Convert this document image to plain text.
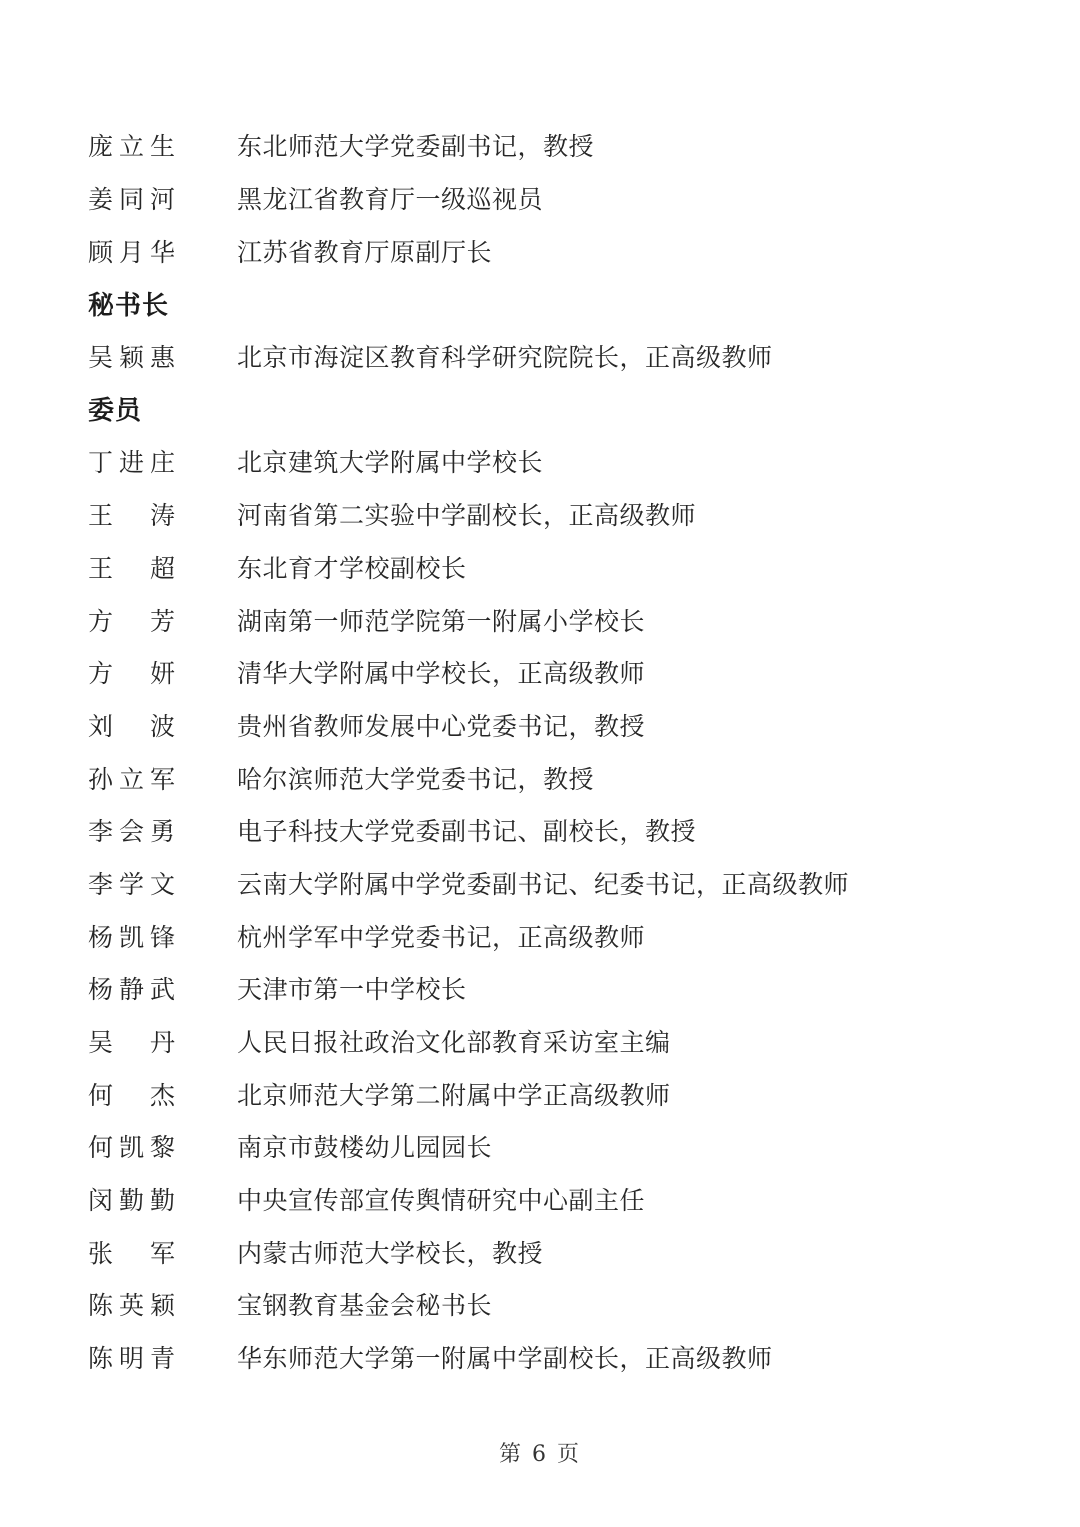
庞立生	东北师范大学党委副书记，教授
姜同河	黑龙江省教育厅一级巡视员
顾月华	江苏省教育厅原副厅长
秘书长
吴颖惠	北京市海淀区教育科学研究院院长，正高级教师
委员
丁进庄	北京建筑大学附属中学校长
王　涛	河南省第二实验中学副校长，正高级教师
王　超	东北育才学校副校长
方　芳	湖南第一师范学院第一附属小学校长
方　妍	清华大学附属中学校长，正高级教师
刘　波	贵州省教师发展中心党委书记，教授
孙立军	哈尔滨师范大学党委书记，教授
李会勇	电子科技大学党委副书记、副校长，教授
李学文	云南大学附属中学党委副书记、纪委书记，正高级教师
杨凯锋	杭州学军中学党委书记，正高级教师
杨静武	天津市第一中学校长
吴　丹	人民日报社政治文化部教育采访室主编
何　杰	北京师范大学第二附属中学正高级教师
何凯黎	南京市鼓楼幼儿园园长
闵勤勤	中央宣传部宣传舆情研究中心副主任
张　军	内蒙古师范大学校长，教授
陈英颖	宝钢教育基金会秘书长
陈明青	华东师范大学第一附属中学副校长，正高级教师
第 6 页
